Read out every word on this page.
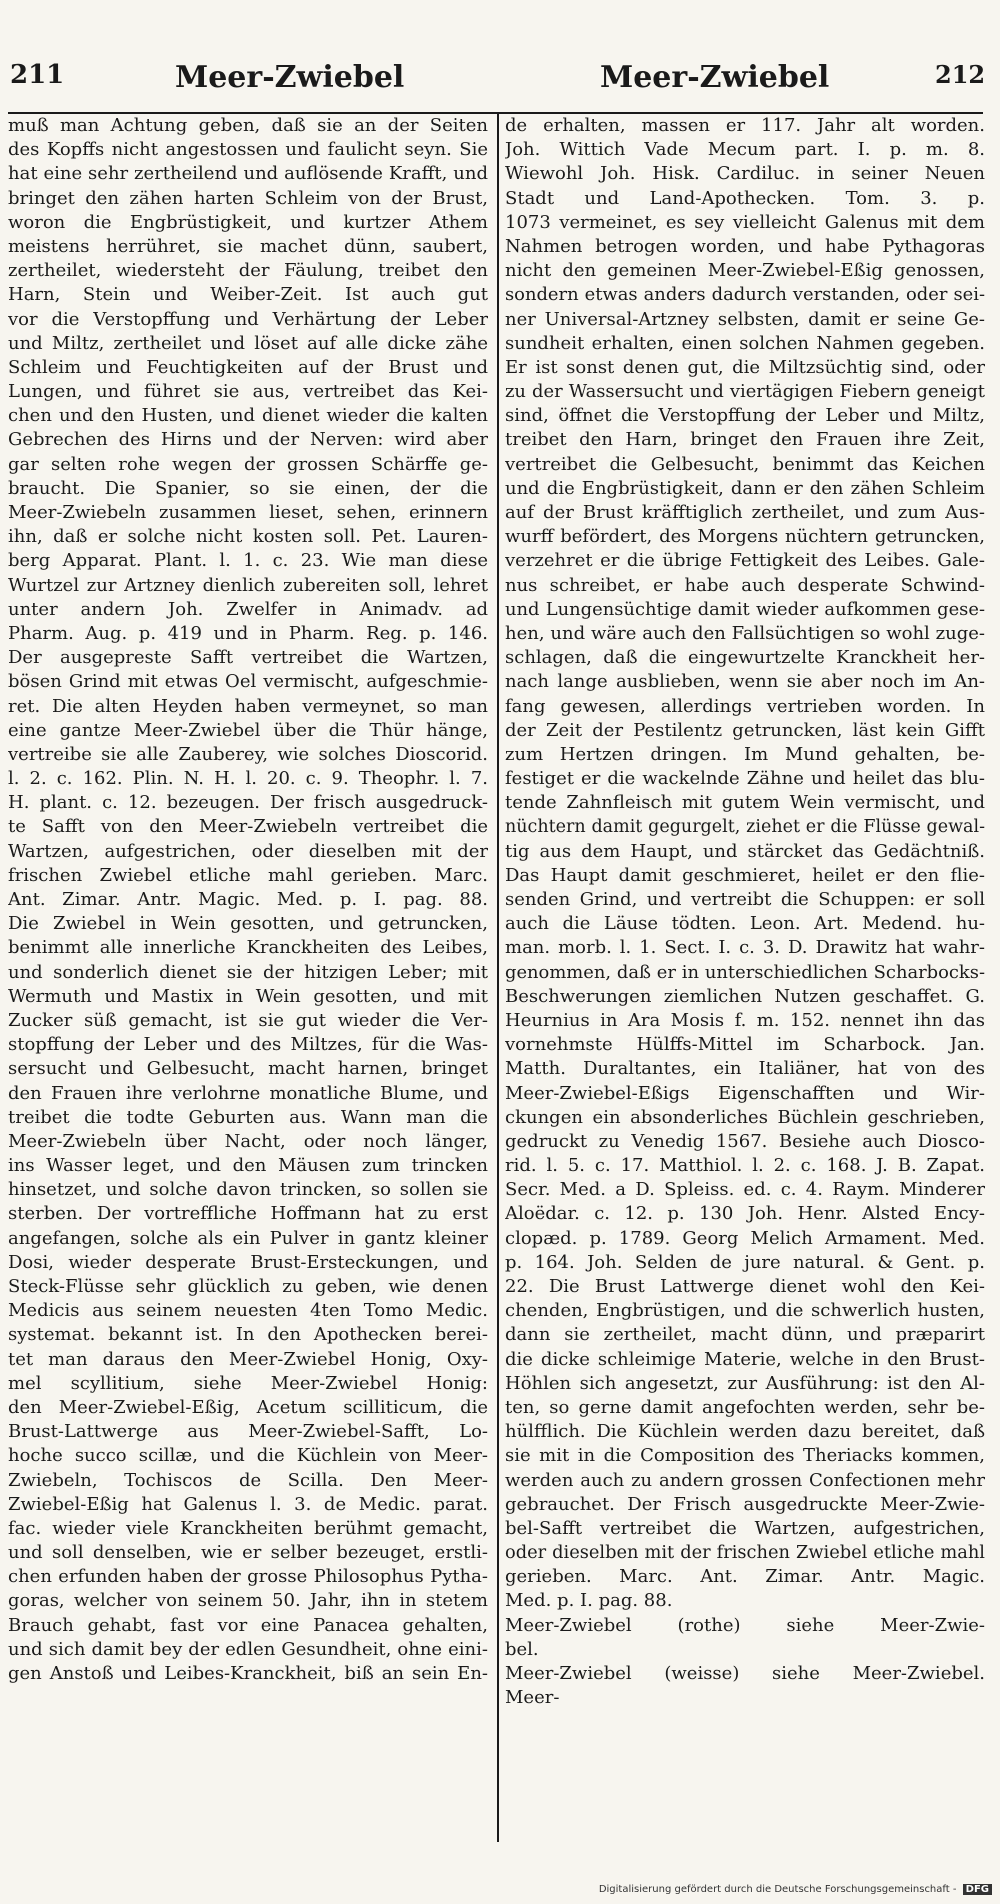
211	Meer-Zwiebel	Meer-Zwiebel	212
muß man Achtung geben, daß sie an der Seiten
des Kopffs nicht angestossen und faulicht seyn. Sie
hat eine sehr zertheilend und auflösende Krafft, und
bringet den zähen harten Schleim von der Brust,
woron die Engbrüstigkeit, und kurtzer Athem
meistens herrühret, sie machet dünn, saubert,
zertheilet, wiedersteht der Fäulung, treibet den
Harn, Stein und Weiber-Zeit. Ist auch gut
vor die Verstopffung und Verhärtung der Leber
und Miltz, zertheilet und löset auf alle dicke zähe
Schleim und Feuchtigkeiten auf der Brust und
Lungen, und führet sie aus, vertreibet das Kei-
chen und den Husten, und dienet wieder die kalten
Gebrechen des Hirns und der Nerven: wird aber
gar selten rohe wegen der grossen Schärffe ge-
braucht. Die Spanier, so sie einen, der die
Meer-Zwiebeln zusammen lieset, sehen, erinnern
ihn, daß er solche nicht kosten soll. Pet. Lauren-
berg Apparat. Plant. l. 1. c. 23. Wie man diese
Wurtzel zur Artzney dienlich zubereiten soll, lehret
unter andern Joh. Zwelfer in Animadv. ad
Pharm. Aug. p. 419 und in Pharm. Reg. p. 146.
Der ausgepreste Safft vertreibet die Wartzen,
bösen Grind mit etwas Oel vermischt, aufgeschmie-
ret. Die alten Heyden haben vermeynet, so man
eine gantze Meer-Zwiebel über die Thür hänge,
vertreibe sie alle Zauberey, wie solches Dioscorid.
l. 2. c. 162. Plin. N. H. l. 20. c. 9. Theophr. l. 7.
H. plant. c. 12. bezeugen. Der frisch ausgedruck-
te Safft von den Meer-Zwiebeln vertreibet die
Wartzen, aufgestrichen, oder dieselben mit der
frischen Zwiebel etliche mahl gerieben. Marc.
Ant. Zimar. Antr. Magic. Med. p. I. pag. 88.
Die Zwiebel in Wein gesotten, und getruncken,
benimmt alle innerliche Kranckheiten des Leibes,
und sonderlich dienet sie der hitzigen Leber; mit
Wermuth und Mastix in Wein gesotten, und mit
Zucker süß gemacht, ist sie gut wieder die Ver-
stopffung der Leber und des Miltzes, für die Was-
sersucht und Gelbesucht, macht harnen, bringet
den Frauen ihre verlohrne monatliche Blume, und
treibet die todte Geburten aus. Wann man die
Meer-Zwiebeln über Nacht, oder noch länger,
ins Wasser leget, und den Mäusen zum trincken
hinsetzet, und solche davon trincken, so sollen sie
sterben. Der vortreffliche Hoffmann hat zu erst
angefangen, solche als ein Pulver in gantz kleiner
Dosi, wieder desperate Brust-Ersteckungen, und
Steck-Flüsse sehr glücklich zu geben, wie denen
Medicis aus seinem neuesten 4ten Tomo Medic.
systemat. bekannt ist. In den Apothecken berei-
tet man daraus den Meer-Zwiebel Honig, Oxy-
mel scyllitium, siehe Meer-Zwiebel Honig:
den Meer-Zwiebel-Eßig, Acetum scilliticum, die
Brust-Lattwerge aus Meer-Zwiebel-Safft, Lo-
hoche succo scillæ, und die Küchlein von Meer-
Zwiebeln, Tochiscos de Scilla. Den Meer-
Zwiebel-Eßig hat Galenus l. 3. de Medic. parat.
fac. wieder viele Kranckheiten berühmt gemacht,
und soll denselben, wie er selber bezeuget, erstli-
chen erfunden haben der grosse Philosophus Pytha-
goras, welcher von seinem 50. Jahr, ihn in stetem
Brauch gehabt, fast vor eine Panacea gehalten,
und sich damit bey der edlen Gesundheit, ohne eini-
gen Anstoß und Leibes-Kranckheit, biß an sein En-
de erhalten, massen er 117. Jahr alt worden.
Joh. Wittich Vade Mecum part. I. p. m. 8.
Wiewohl Joh. Hisk. Cardiluc. in seiner Neuen
Stadt und Land-Apothecken. Tom. 3. p.
1073 vermeinet, es sey vielleicht Galenus mit dem
Nahmen betrogen worden, und habe Pythagoras
nicht den gemeinen Meer-Zwiebel-Eßig genossen,
sondern etwas anders dadurch verstanden, oder sei-
ner Universal-Artzney selbsten, damit er seine Ge-
sundheit erhalten, einen solchen Nahmen gegeben.
Er ist sonst denen gut, die Miltzsüchtig sind, oder
zu der Wassersucht und viertägigen Fiebern geneigt
sind, öffnet die Verstopffung der Leber und Miltz,
treibet den Harn, bringet den Frauen ihre Zeit,
vertreibet die Gelbesucht, benimmt das Keichen
und die Engbrüstigkeit, dann er den zähen Schleim
auf der Brust kräfftiglich zertheilet, und zum Aus-
wurff befördert, des Morgens nüchtern getruncken,
verzehret er die übrige Fettigkeit des Leibes. Gale-
nus schreibet, er habe auch desperate Schwind-
und Lungensüchtige damit wieder aufkommen gese-
hen, und wäre auch den Fallsüchtigen so wohl zuge-
schlagen, daß die eingewurtzelte Kranckheit her-
nach lange ausblieben, wenn sie aber noch im An-
fang gewesen, allerdings vertrieben worden. In
der Zeit der Pestilentz getruncken, läst kein Gifft
zum Hertzen dringen. Im Mund gehalten, be-
festiget er die wackelnde Zähne und heilet das blu-
tende Zahnfleisch mit gutem Wein vermischt, und
nüchtern damit gegurgelt, ziehet er die Flüsse gewal-
tig aus dem Haupt, und stärcket das Gedächtniß.
Das Haupt damit geschmieret, heilet er den flie-
senden Grind, und vertreibt die Schuppen: er soll
auch die Läuse tödten. Leon. Art. Medend. hu-
man. morb. l. 1. Sect. I. c. 3. D. Drawitz hat wahr-
genommen, daß er in unterschiedlichen Scharbocks-
Beschwerungen ziemlichen Nutzen geschaffet. G.
Heurnius in Ara Mosis f. m. 152. nennet ihn das
vornehmste Hülffs-Mittel im Scharbock. Jan.
Matth. Duraltantes, ein Italiäner, hat von des
Meer-Zwiebel-Eßigs Eigenschafften und Wir-
ckungen ein absonderliches Büchlein geschrieben,
gedruckt zu Venedig 1567. Besiehe auch Diosco-
rid. l. 5. c. 17. Matthiol. l. 2. c. 168. J. B. Zapat.
Secr. Med. a D. Spleiss. ed. c. 4. Raym. Minderer
Aloëdar. c. 12. p. 130 Joh. Henr. Alsted Ency-
clopæd. p. 1789. Georg Melich Armament. Med.
p. 164. Joh. Selden de jure natural. & Gent. p.
22. Die Brust Lattwerge dienet wohl den Kei-
chenden, Engbrüstigen, und die schwerlich husten,
dann sie zertheilet, macht dünn, und præparirt
die dicke schleimige Materie, welche in den Brust-
Höhlen sich angesetzt, zur Ausführung: ist den Al-
ten, so gerne damit angefochten werden, sehr be-
hülfflich. Die Küchlein werden dazu bereitet, daß
sie mit in die Composition des Theriacks kommen,
werden auch zu andern grossen Confectionen mehr
gebrauchet. Der Frisch ausgedruckte Meer-Zwie-
bel-Safft vertreibet die Wartzen, aufgestrichen,
oder dieselben mit der frischen Zwiebel etliche mahl
gerieben. Marc. Ant. Zimar. Antr. Magic.
Med. p. I. pag. 88.
Meer-Zwiebel (rothe) siehe Meer-Zwie-
bel.
Meer-Zwiebel (weisse) siehe Meer-Zwiebel.
Meer-
Digitalisierung gefördert durch die Deutsche Forschungsgemeinschaft - DFG
